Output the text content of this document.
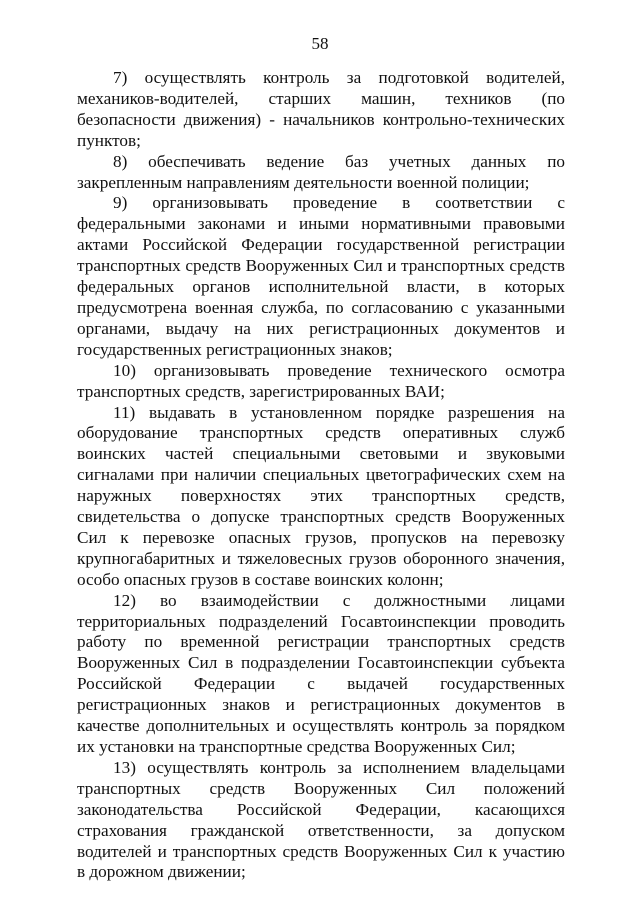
58

7) осуществлять контроль за подготовкой водителей, механиков-водителей, старших машин, техников (по безопасности движения) - начальников контрольно-технических пунктов;

8) обеспечивать ведение баз учетных данных по закрепленным направлениям деятельности военной полиции;

9) организовывать проведение в соответствии с федеральными законами и иными нормативными правовыми актами Российской Федерации государственной регистрации транспортных средств Вооруженных Сил и транспортных средств федеральных органов исполнительной власти, в которых предусмотрена военная служба, по согласованию с указанными органами, выдачу на них регистрационных документов и государственных регистрационных знаков;

10) организовывать проведение технического осмотра транспортных средств, зарегистрированных ВАИ;

11) выдавать в установленном порядке разрешения на оборудование транспортных средств оперативных служб воинских частей специальными световыми и звуковыми сигналами при наличии специальных цветографических схем на наружных поверхностях этих транспортных средств, свидетельства о допуске транспортных средств Вооруженных Сил к перевозке опасных грузов, пропусков на перевозку крупногабаритных и тяжеловесных грузов оборонного значения, особо опасных грузов в составе воинских колонн;

12) во взаимодействии с должностными лицами территориальных подразделений Госавтоинспекции проводить работу по временной регистрации транспортных средств Вооруженных Сил в подразделении Госавтоинспекции субъекта Российской Федерации с выдачей государственных регистрационных знаков и регистрационных документов в качестве дополнительных и осуществлять контроль за порядком их установки на транспортные средства Вооруженных Сил;

13) осуществлять контроль за исполнением владельцами транспортных средств Вооруженных Сил положений законодательства Российской Федерации, касающихся страхования гражданской ответственности, за допуском водителей и транспортных средств Вооруженных Сил к участию в дорожном движении;
